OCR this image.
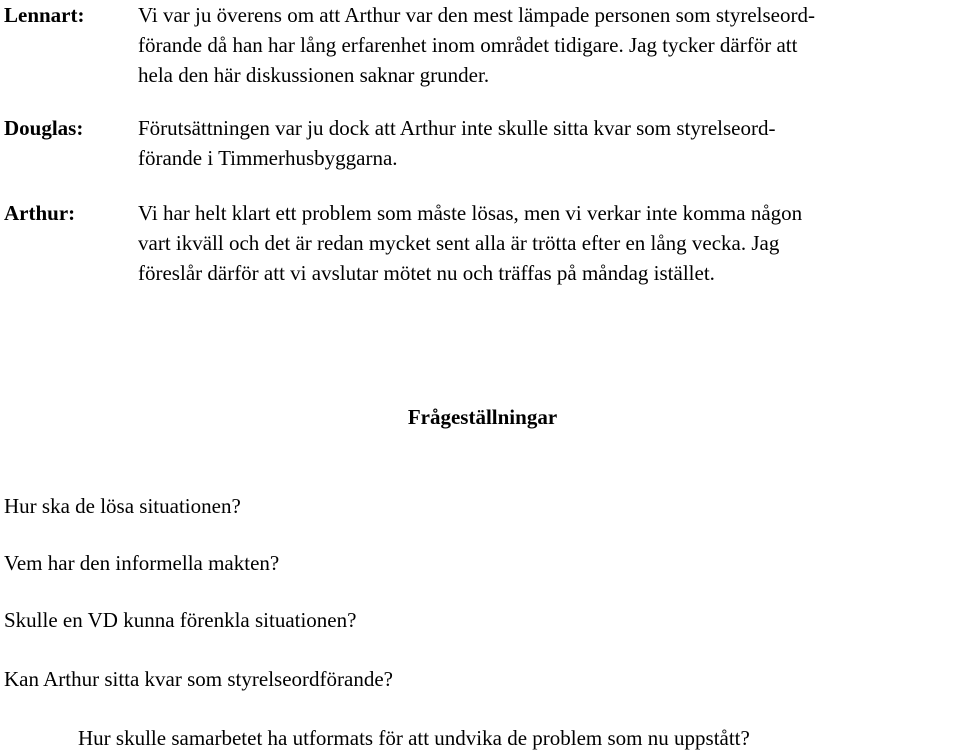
Lennart:	Vi var ju överens om att Arthur var den mest lämpade personen som styrelseord-
förande då han har lång erfarenhet inom området tidigare. Jag tycker därför att
hela den här diskussionen saknar grunder.
Douglas:	Förutsättningen var ju dock att Arthur inte skulle sitta kvar som styrelseord-
förande i Timmerhusbyggarna.
Arthur:	Vi har helt klart ett problem som måste lösas, men vi verkar inte komma någon
vart ikväll och det är redan mycket sent alla är trötta efter en lång vecka. Jag
föreslår därför att vi avslutar mötet nu och träffas på måndag istället.
Frågeställningar
Hur ska de lösa situationen?
Vem har den informella makten?
Skulle en VD kunna förenkla situationen?
Kan Arthur sitta kvar som styrelseordförande?
Hur skulle samarbetet ha utformats för att undvika de problem som nu uppstått?
